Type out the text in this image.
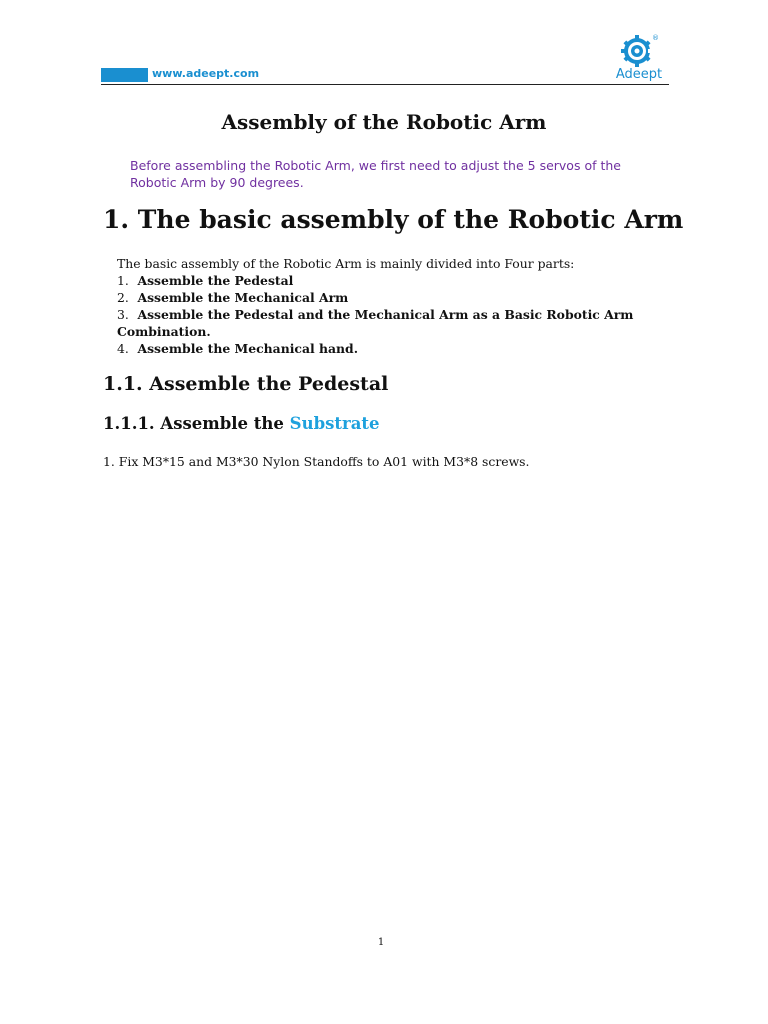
www.adeept.com
®
Adeept
Assembly of the Robotic Arm
Before assembling the Robotic Arm, we first need to adjust the 5 servos of the Robotic Arm by 90 degrees.
1. The basic assembly of the Robotic Arm
The basic assembly of the Robotic Arm is mainly divided into Four parts:
1. Assemble the Pedestal
2. Assemble the Mechanical Arm
3. Assemble the Pedestal and the Mechanical Arm as a Basic Robotic Arm Combination.
4. Assemble the Mechanical hand.
1.1. Assemble the Pedestal
1.1.1. Assemble the Substrate
1. Fix M3*15 and M3*30 Nylon Standoffs to A01 with M3*8 screws.
1
